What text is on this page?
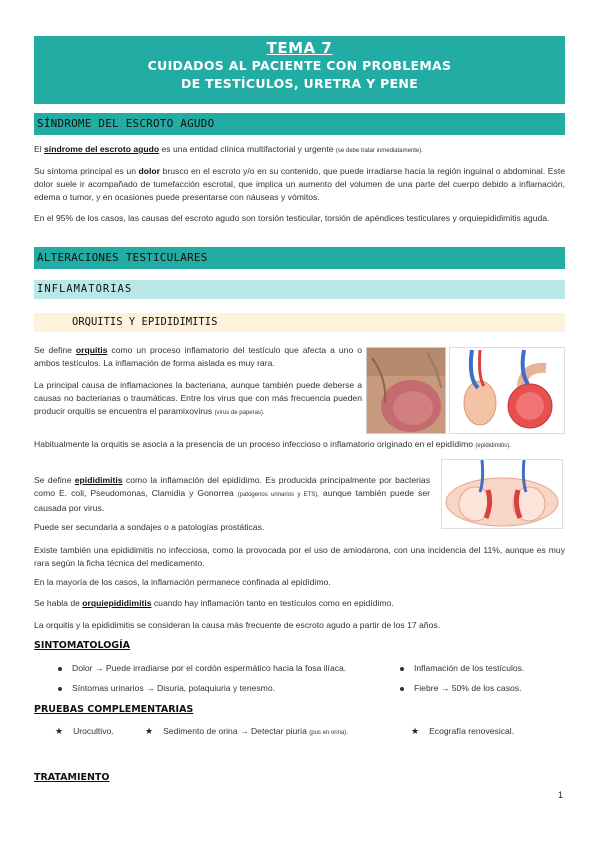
TEMA 7
CUIDADOS AL PACIENTE CON PROBLEMAS
DE TESTÍCULOS, URETRA Y PENE
SÍNDROME DEL ESCROTO AGUDO

El síndrome del escroto agudo es una entidad clínica multifactorial y urgente (se debe tratar inmediatamente).

Su síntoma principal es un dolor brusco en el escroto y/o en su contenido, que puede irradiarse hacia la región inguinal o abdominal. Este dolor suele ir acompañado de tumefacción escrotal, que implica un aumento del volumen de una parte del cuerpo debido a inflamación, edema o tumor, y en ocasiones puede presentarse con náuseas y vómitos.

En el 95% de los casos, las causas del escroto agudo son torsión testicular, torsión de apéndices testiculares y orquiepididimitis aguda.

ALTERACIONES TESTICULARES
INFLAMATORIAS
ORQUITIS Y EPIDIDIMITIS

Se define orquitis como un proceso inflamatorio del testículo que afecta a uno o ambos testículos. La inflamación de forma aislada es muy rara.

La principal causa de inflamaciones la bacteriana, aunque también puede deberse a causas no bacterianas o traumáticas. Entre los virus que con más frecuencia pueden producir orquitis se encuentra el paramixovirus (virus de paperas).

Habitualmente la orquitis se asocia a la presencia de un proceso infeccioso o inflamatorio originado en el epidídimo (epididimitis).

Se define epididimitis como la inflamación del epidídimo. Es producida principalmente por bacterias como E. coli, Pseudomonas, Clamidia y Gonorrea (patógenos urinarios y ETS), aunque también puede ser causada por virus.

Puede ser secundaria a sondajes o a patologías prostáticas.

Existe también una epididimitis no infecciosa, como la provocada por el uso de amiodarona, con una incidencia del 11%, aunque es muy rara según la ficha técnica del medicamento.

En la mayoría de los casos, la inflamación permanece confinada al epidídimo.

Se habla de orquiepididimitis cuando hay inflamación tanto en testículos como en epidídimo.

La orquitis y la epididimitis se consideran la causa más frecuente de escroto agudo a partir de los 17 años.

SINTOMATOLOGÍA
Dolor → Puede irradiarse por el cordón espermático hacia la fosa ilíaca.
Síntomas urinarios → Disuria, polaquiuria y tenesmo.
Inflamación de los testículos.
Fiebre → 50% de los casos.
PRUEBAS COMPLEMENTARIAS
★ Urocultivo.	★ Sedimento de orina → Detectar piuria (pus en orina).	★ Ecografía renovesical.
TRATAMIENTO
1
